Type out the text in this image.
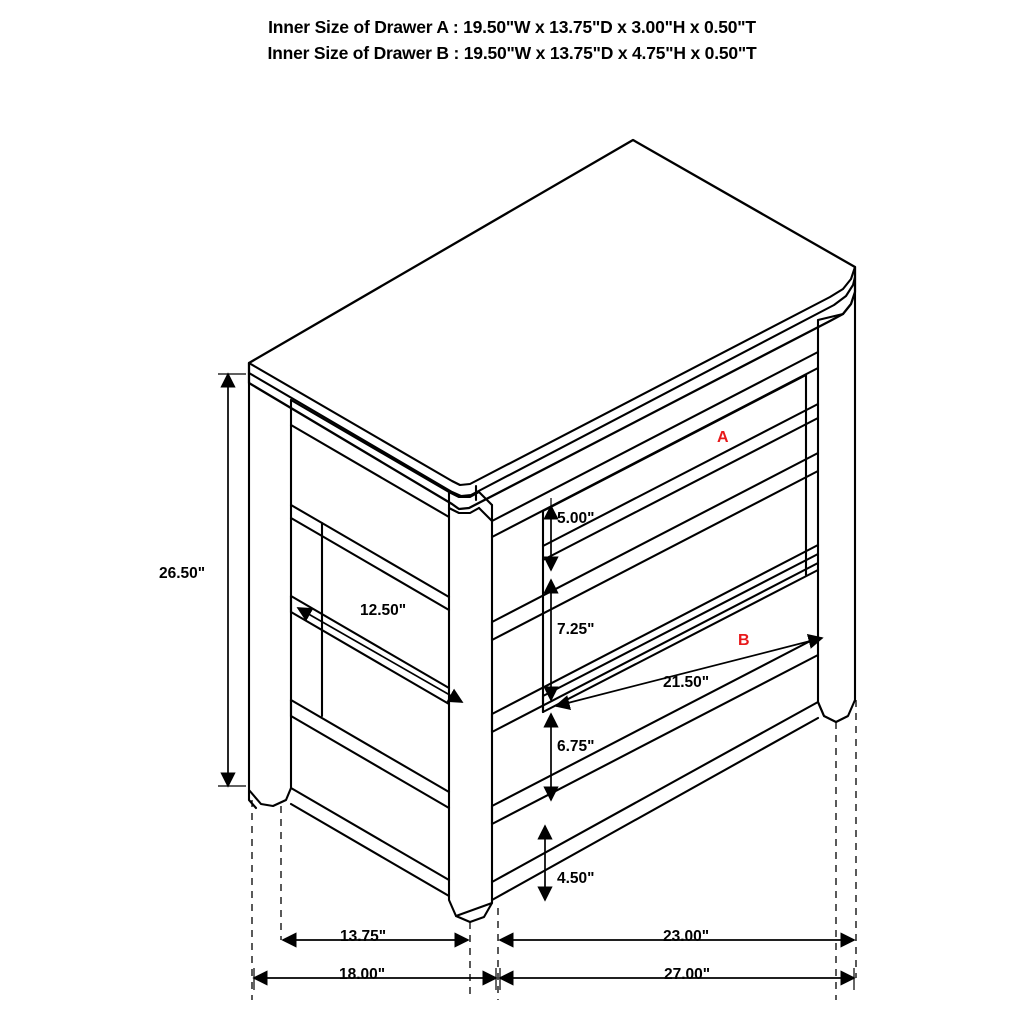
Inner Size of Drawer A : 19.50"W x 13.75"D x 3.00"H x 0.50"T
Inner Size of Drawer B : 19.50"W x 13.75"D x 4.75"H x 0.50"T
26.50"
12.50"
5.00"
7.25"
21.50"
6.75"
4.50"
13.75"	23.00"
18.00"	27.00"
A
B
